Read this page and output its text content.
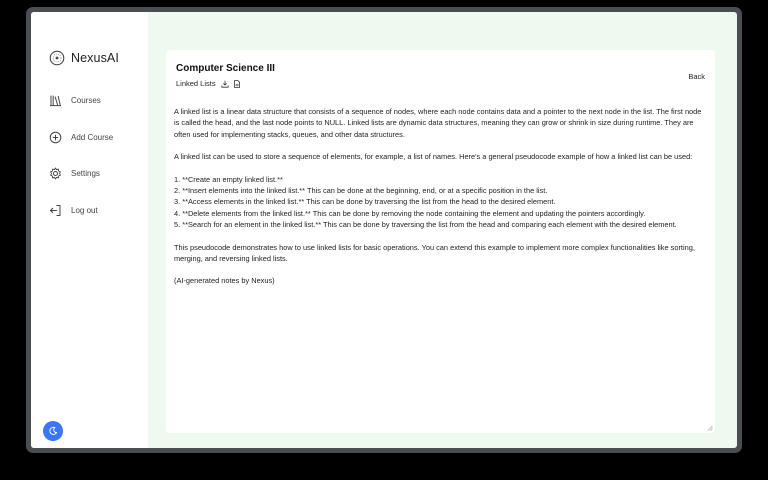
NexusAI
Courses
Add Course
Settings
Log out
Computer Science III
Linked Lists
Back

A linked list is a linear data structure that consists of a sequence of nodes, where each node contains data and a pointer to the next node in the list. The first node is called the head, and the last node points to NULL. Linked lists are dynamic data structures, meaning they can grow or shrink in size during runtime. They are often used for implementing stacks, queues, and other data structures.

A linked list can be used to store a sequence of elements, for example, a list of names. Here's a general pseudocode example of how a linked list can be used:

1. **Create an empty linked list.**
2. **Insert elements into the linked list.** This can be done at the beginning, end, or at a specific position in the list.
3. **Access elements in the linked list.** This can be done by traversing the list from the head to the desired element.
4. **Delete elements from the linked list.** This can be done by removing the node containing the element and updating the pointers accordingly.
5. **Search for an element in the linked list.** This can be done by traversing the list from the head and comparing each element with the desired element.

This pseudocode demonstrates how to use linked lists for basic operations. You can extend this example to implement more complex functionalities like sorting, merging, and reversing linked lists.

(AI-generated notes by Nexus)
